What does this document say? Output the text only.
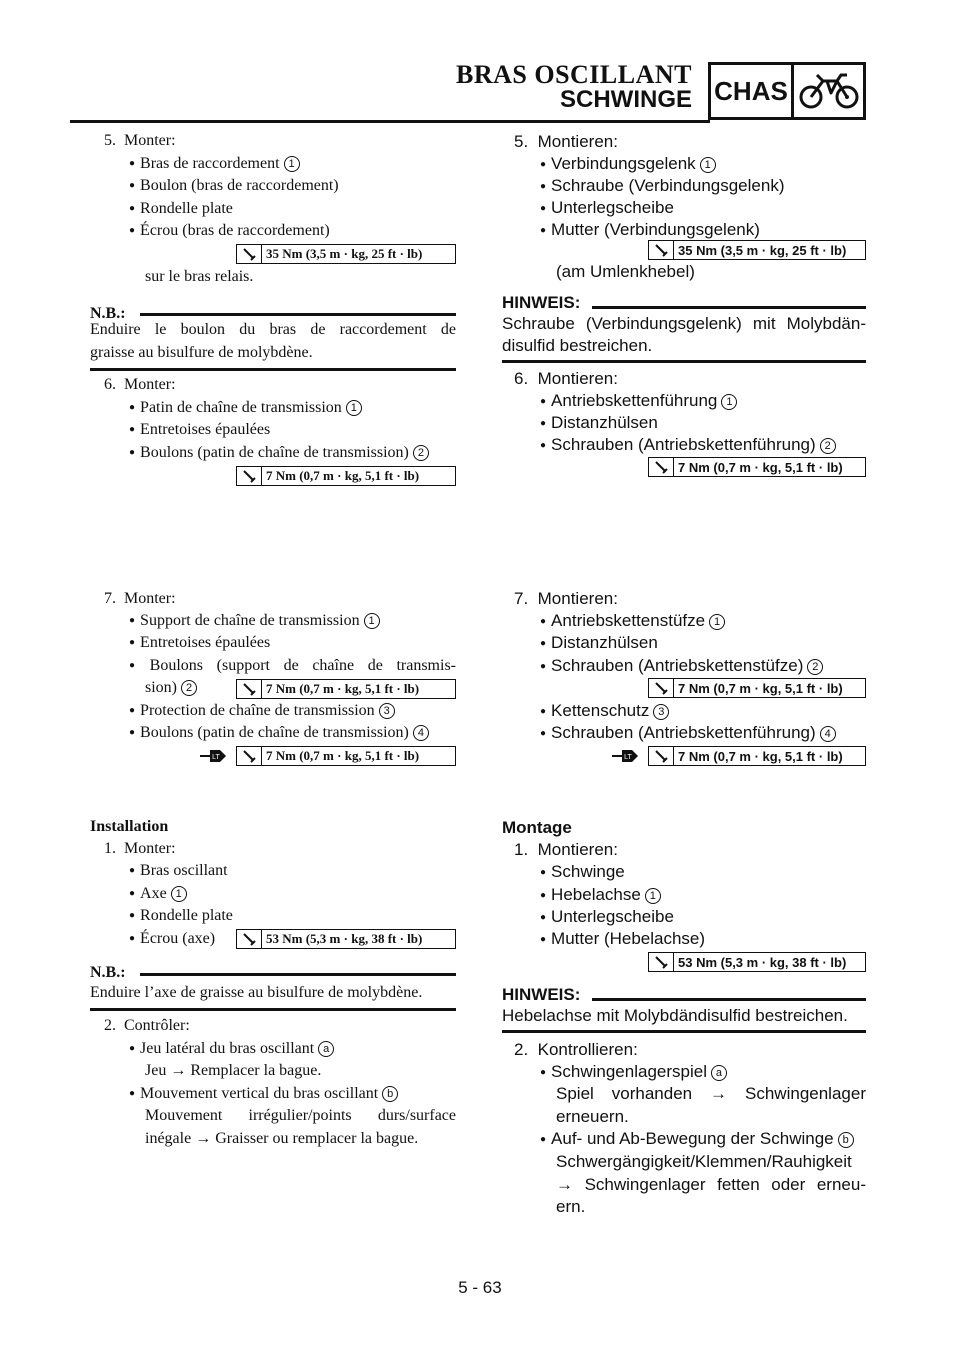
BRAS OSCILLANT
SCHWINGE CHAS
5. Monter:
● Bras de raccordement 1
● Boulon (bras de raccordement)
● Rondelle plate
● Écrou (bras de raccordement)
35 Nm (3,5 m · kg, 25 ft · lb)
sur le bras relais.
N.B.:
Enduire le boulon du bras de raccordement de
graisse au bisulfure de molybdène.
6. Monter:
● Patin de chaîne de transmission 1
● Entretoises épaulées
● Boulons (patin de chaîne de transmission) 2
7 Nm (0,7 m · kg, 5,1 ft · lb)
7. Monter:
● Support de chaîne de transmission 1
● Entretoises épaulées
● Boulons (support de chaîne de transmis-
sion) 2	7 Nm (0,7 m · kg, 5,1 ft · lb)
● Protection de chaîne de transmission 3
● Boulons (patin de chaîne de transmission) 4
LT	7 Nm (0,7 m · kg, 5,1 ft · lb)
Installation
1. Monter:
● Bras oscillant
● Axe 1
● Rondelle plate
● Écrou (axe)	53 Nm (5,3 m · kg, 38 ft · lb)
N.B.:
Enduire l’axe de graisse au bisulfure de molybdène.
2. Contrôler:
● Jeu latéral du bras oscillant a
Jeu → Remplacer la bague.
● Mouvement vertical du bras oscillant b
Mouvement irrégulier/points durs/surface
inégale → Graisser ou remplacer la bague.
5. Montieren:
● Verbindungsgelenk 1
● Schraube (Verbindungsgelenk)
● Unterlegscheibe
● Mutter (Verbindungsgelenk)
35 Nm (3,5 m · kg, 25 ft · lb)
(am Umlenkhebel)
HINWEIS:
Schraube (Verbindungsgelenk) mit Molybdän-
disulfid bestreichen.
6. Montieren:
● Antriebskettenführung 1
● Distanzhülsen
● Schrauben (Antriebskettenführung) 2
7 Nm (0,7 m · kg, 5,1 ft · lb)
7. Montieren:
● Antriebskettenstüfze 1
● Distanzhülsen
● Schrauben (Antriebskettenstüfze) 2
7 Nm (0,7 m · kg, 5,1 ft · lb)
● Kettenschutz 3
● Schrauben (Antriebskettenführung) 4
LT	7 Nm (0,7 m · kg, 5,1 ft · lb)
Montage
1. Montieren:
● Schwinge
● Hebelachse 1
● Unterlegscheibe
● Mutter (Hebelachse)
53 Nm (5,3 m · kg, 38 ft · lb)
HINWEIS:
Hebelachse mit Molybdändisulfid bestreichen.
2. Kontrollieren:
● Schwingenlagerspiel a
Spiel vorhanden → Schwingenlager
erneuern.
● Auf- und Ab-Bewegung der Schwinge b
Schwergängigkeit/Klemmen/Rauhigkeit
→ Schwingenlager fetten oder erneu-
ern.
5 - 63
